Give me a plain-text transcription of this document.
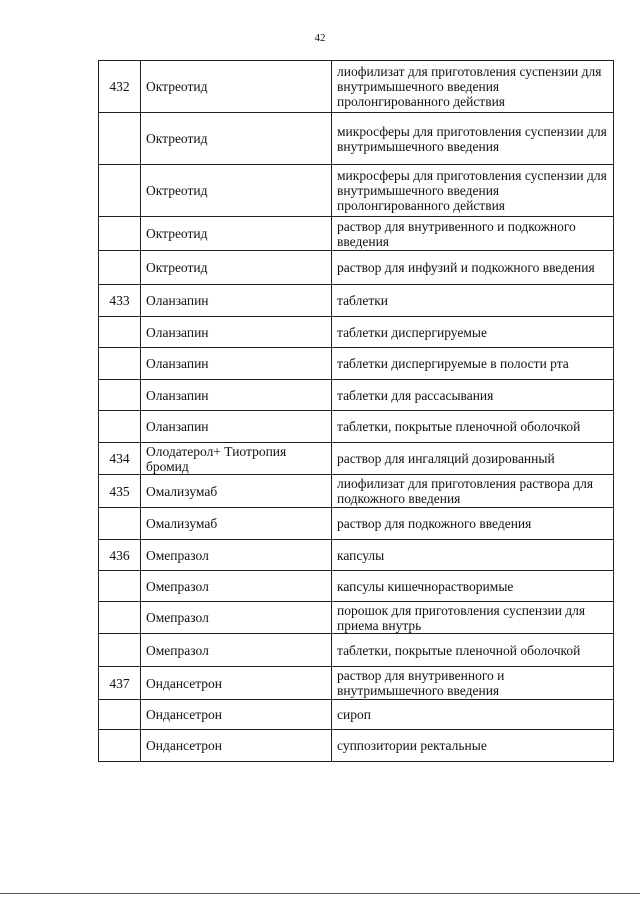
42
432	Октреотид	лиофилизат для приготовления суспензии для внутримышечного введения пролонгированного действия
	Октреотид	микросферы для приготовления суспензии для внутримышечного введения
	Октреотид	микросферы для приготовления суспензии для внутримышечного введения пролонгированного действия
	Октреотид	раствор для внутривенного и подкожного введения
	Октреотид	раствор для инфузий и подкожного введения
433	Оланзапин	таблетки
	Оланзапин	таблетки диспергируемые
	Оланзапин	таблетки диспергируемые в полости рта
	Оланзапин	таблетки для рассасывания
	Оланзапин	таблетки, покрытые пленочной оболочкой
434	Олодатерол+ Тиотропия бромид	раствор для ингаляций дозированный
435	Омализумаб	лиофилизат для приготовления раствора для подкожного введения
	Омализумаб	раствор для подкожного введения
436	Омепразол	капсулы
	Омепразол	капсулы кишечнорастворимые
	Омепразол	порошок для приготовления суспензии для приема внутрь
	Омепразол	таблетки, покрытые пленочной оболочкой
437	Ондансетрон	раствор для внутривенного и внутримышечного введения
	Ондансетрон	сироп
	Ондансетрон	суппозитории ректальные
